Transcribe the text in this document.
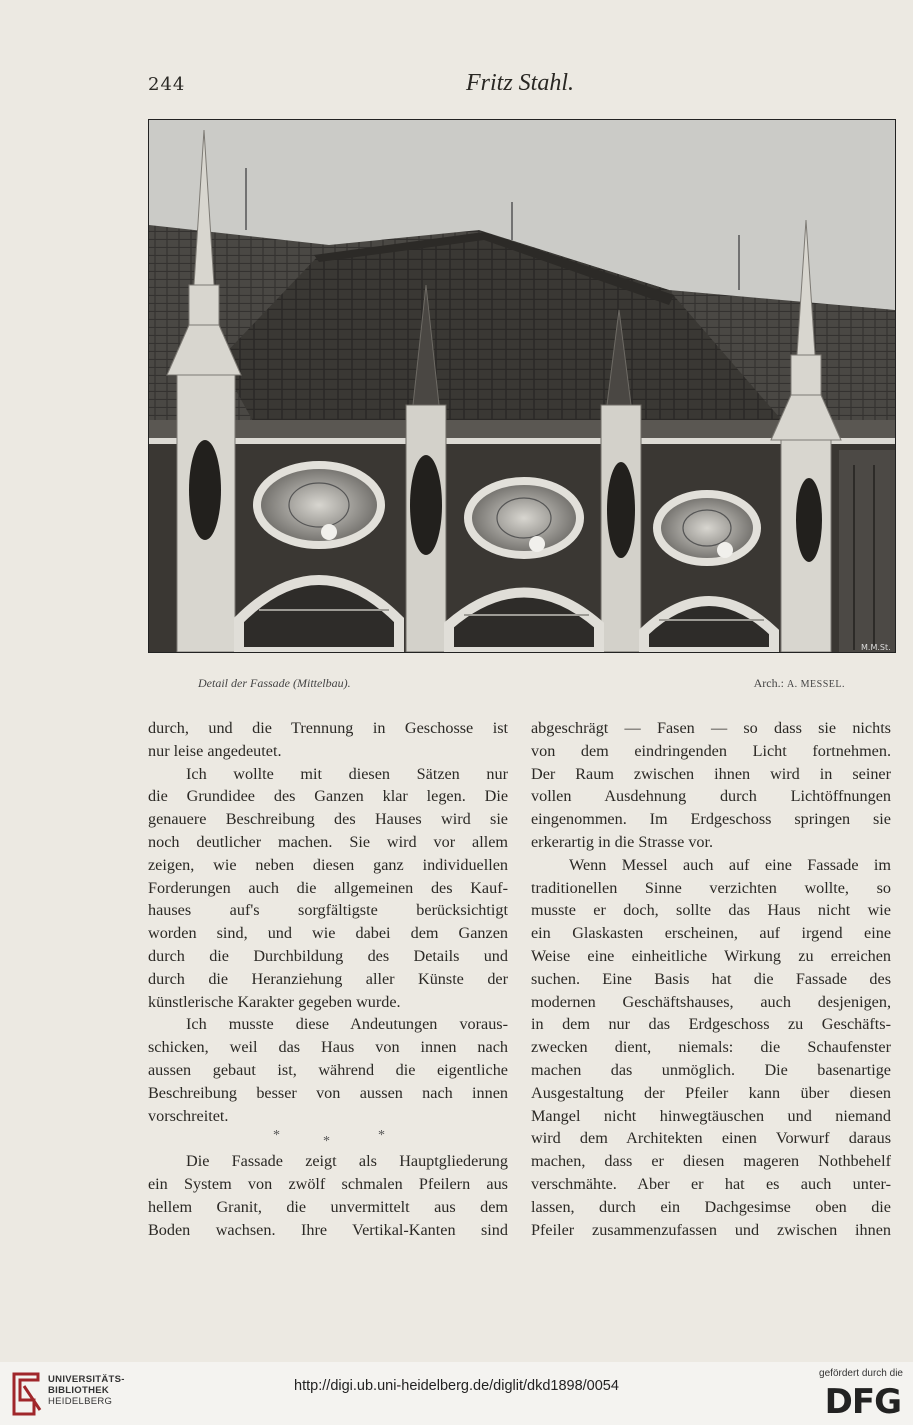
244	Fritz Stahl.
M.M.St.
Detail der Fassade (Mittelbau).	Arch.: A. MESSEL.
durch, und die Trennung in Geschosse ist
nur leise angedeutet.
Ich wollte mit diesen Sätzen nur
die Grundidee des Ganzen klar legen. Die
genauere Beschreibung des Hauses wird sie
noch deutlicher machen. Sie wird vor allem
zeigen, wie neben diesen ganz individuellen
Forderungen auch die allgemeinen des Kauf-
hauses auf's sorgfältigste berücksichtigt
worden sind, und wie dabei dem Ganzen
durch die Durchbildung des Details und
durch die Heranziehung aller Künste der
künstlerische Karakter gegeben wurde.
Ich musste diese Andeutungen voraus-
schicken, weil das Haus von innen nach
aussen gebaut ist, während die eigentliche
Beschreibung besser von aussen nach innen
vorschreitet.
*	*	*
Die Fassade zeigt als Hauptgliederung
ein System von zwölf schmalen Pfeilern aus
hellem Granit, die unvermittelt aus dem
Boden wachsen. Ihre Vertikal-Kanten sind
abgeschrägt — Fasen — so dass sie nichts
von dem eindringenden Licht fortnehmen.
Der Raum zwischen ihnen wird in seiner
vollen Ausdehnung durch Lichtöffnungen
eingenommen. Im Erdgeschoss springen sie
erkerartig in die Strasse vor.
Wenn Messel auch auf eine Fassade im
traditionellen Sinne verzichten wollte, so
musste er doch, sollte das Haus nicht wie
ein Glaskasten erscheinen, auf irgend eine
Weise eine einheitliche Wirkung zu erreichen
suchen. Eine Basis hat die Fassade des
modernen Geschäftshauses, auch desjenigen,
in dem nur das Erdgeschoss zu Geschäfts-
zwecken dient, niemals: die Schaufenster
machen das unmöglich. Die basenartige
Ausgestaltung der Pfeiler kann über diesen
Mangel nicht hinwegtäuschen und niemand
wird dem Architekten einen Vorwurf daraus
machen, dass er diesen mageren Nothbehelf
verschmähte. Aber er hat es auch unter-
lassen, durch ein Dachgesimse oben die
Pfeiler zusammenzufassen und zwischen ihnen
UNIVERSITÄTS-
BIBLIOTHEK
HEIDELBERG
http://digi.ub.uni-heidelberg.de/diglit/dkd1898/0054
gefördert durch die
DFG
